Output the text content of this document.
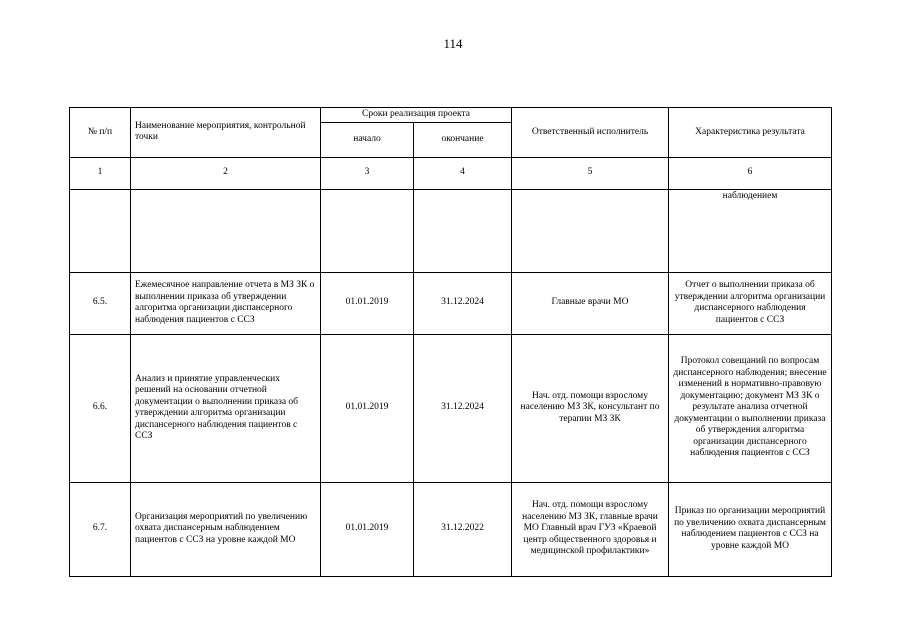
114
№ п/п	Наименование мероприятия, контрольной точки	Сроки реализация проекта		Ответственный исполнитель	Характеристика результата
		начало	окончание		
1	2	3	4	5	6
					наблюдением
6.5.	Ежемесячное направление отчета в МЗ ЗК о выполнении приказа об утверждении алгоритма организации диспансерного наблюдения пациентов с ССЗ	01.01.2019	31.12.2024	Главные врачи МО	Отчет о выполнении приказа об утверждении алгоритма организации диспансерного наблюдения пациентов с ССЗ
6.6.	Анализ и принятие управленческих решений на основании отчетной документации о выполнении приказа об утверждении алгоритма организации диспансерного наблюдения пациентов с ССЗ	01.01.2019	31.12.2024	Нач. отд. помощи взрослому населению МЗ ЗК, консультант по терапии МЗ ЗК	Протокол совещаний по вопросам диспансерного наблюдения; внесение изменений в нормативно-правовую документацию; документ МЗ ЗК о результате анализа отчетной документации о выполнении приказа об утверждения алгоритма организации диспансерного наблюдения пациентов с ССЗ
6.7.	Организация мероприятий по увеличению охвата диспансерным наблюдением пациентов с ССЗ на уровне каждой МО	01.01.2019	31.12.2022	Нач. отд. помощи взрослому населению МЗ ЗК, главные врачи МО Главный врач ГУЗ «Краевой центр общественного здоровья и медицинской профилактики»	Приказ по организации мероприятий по увеличению охвата диспансерным наблюдением пациентов с ССЗ на уровне каждой МО
